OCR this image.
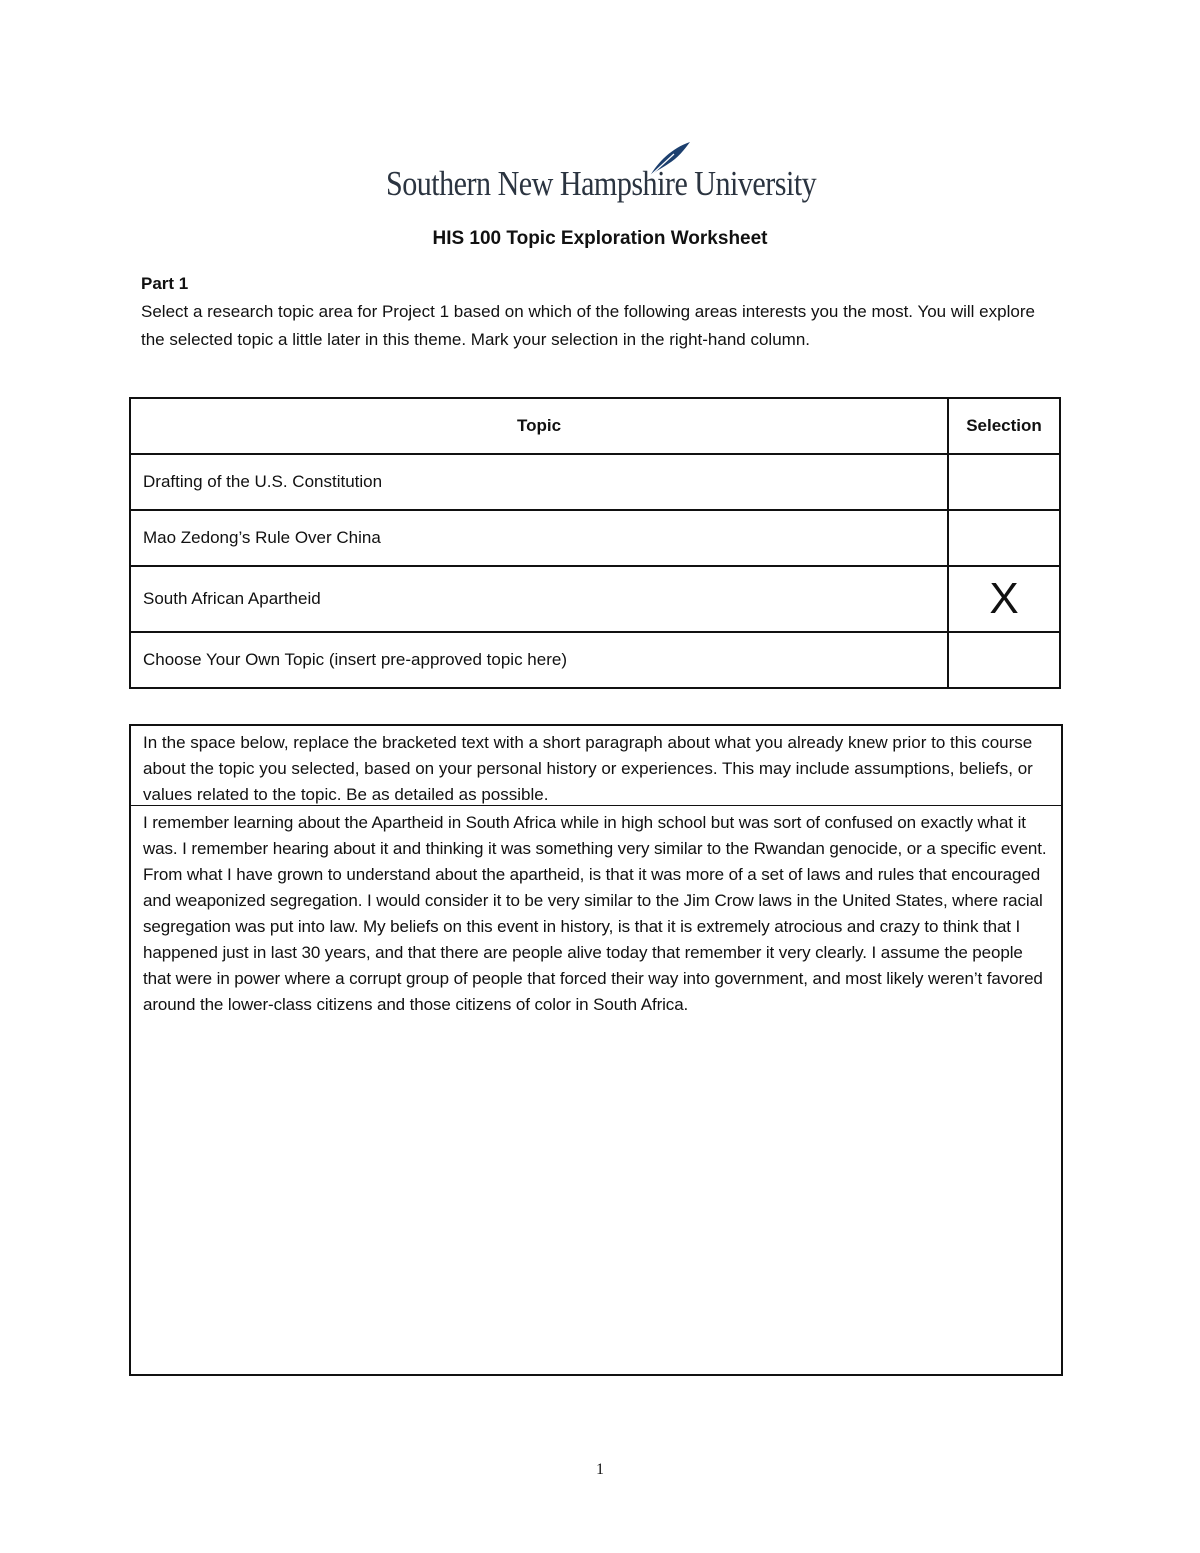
Southern New Hampshire University
HIS 100 Topic Exploration Worksheet
Part 1
Select a research topic area for Project 1 based on which of the following areas interests you the most. You will explore the selected topic a little later in this theme. Mark your selection in the right-hand column.
Topic	Selection
Drafting of the U.S. Constitution	
Mao Zedong’s Rule Over China	
South African Apartheid	X
Choose Your Own Topic (insert pre-approved topic here)	
In the space below, replace the bracketed text with a short paragraph about what you already knew prior to this course about the topic you selected, based on your personal history or experiences. This may include assumptions, beliefs, or values related to the topic. Be as detailed as possible.
I remember learning about the Apartheid in South Africa while in high school but was sort of confused on exactly what it was. I remember hearing about it and thinking it was something very similar to the Rwandan genocide, or a specific event. From what I have grown to understand about the apartheid, is that it was more of a set of laws and rules that encouraged and weaponized segregation. I would consider it to be very similar to the Jim Crow laws in the United States, where racial segregation was put into law. My beliefs on this event in history, is that it is extremely atrocious and crazy to think that I happened just in last 30 years, and that there are people alive today that remember it very clearly. I assume the people that were in power where a corrupt group of people that forced their way into government, and most likely weren’t favored around the lower-class citizens and those citizens of color in South Africa.
1
